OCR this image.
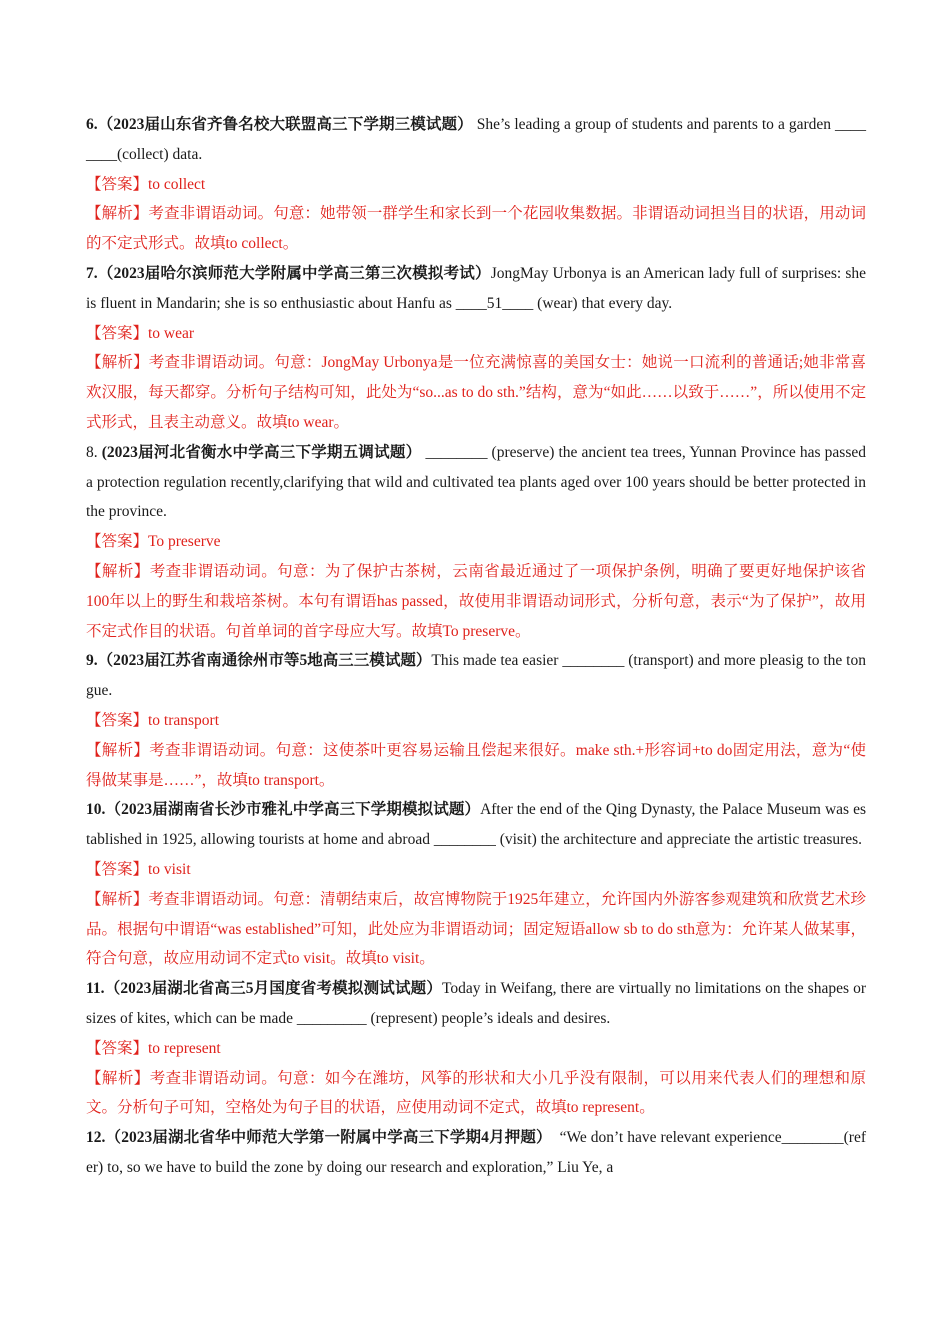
6.（2023届山东省齐鲁名校大联盟高三下学期三模试题） She’s leading a group of students and parents to a garden ________(collect) data.

【答案】to collect

【解析】考查非谓语动词。句意：她带领一群学生和家长到一个花园收集数据。非谓语动词担当目的状语，用动词的不定式形式。故填to collect。

7.（2023届哈尔滨师范大学附属中学高三第三次模拟考试）JongMay Urbonya is an American lady full of surprises: she is fluent in Mandarin; she is so enthusiastic about Hanfu as ____51____ (wear) that every day.

【答案】to wear

【解析】考查非谓语动词。句意：JongMay Urbonya是一位充满惊喜的美国女士：她说一口流利的普通话;她非常喜欢汉服，每天都穿。分析句子结构可知，此处为“so...as to do sth.”结构，意为“如此……以致于……”，所以使用不定式形式，且表主动意义。故填to wear。

8. (2023届河北省衡水中学高三下学期五调试题） ________ (preserve) the ancient tea trees, Yunnan Province has passed a protection regulation recently,clarifying that wild and cultivated tea plants aged over 100 years should be better protected in the province.

【答案】To preserve

【解析】考查非谓语动词。句意：为了保护古茶树，云南省最近通过了一项保护条例，明确了要更好地保护该省100年以上的野生和栽培茶树。本句有谓语has passed，故使用非谓语动词形式，分析句意，表示“为了保护”，故用不定式作目的状语。句首单词的首字母应大写。故填To preserve。

9.（2023届江苏省南通徐州市等5地高三三模试题）This made tea easier ________ (transport) and more pleasig to the tongue.

【答案】to transport

【解析】考查非谓语动词。句意：这使茶叶更容易运输且偿起来很好。make sth.+形容词+to do固定用法，意为“使得做某事是……”，故填to transport。

10.（2023届湖南省长沙市雅礼中学高三下学期模拟试题）After the end of the Qing Dynasty, the Palace Museum was established in 1925, allowing tourists at home and abroad ________ (visit) the architecture and appreciate the artistic treasures.

【答案】to visit

【解析】考查非谓语动词。句意：清朝结束后，故宫博物院于1925年建立，允许国内外游客参观建筑和欣赏艺术珍品。根据句中谓语“was established”可知，此处应为非谓语动词；固定短语allow sb to do sth意为：允许某人做某事，符合句意，故应用动词不定式to visit。故填to visit。

11.（2023届湖北省高三5月国度省考模拟测试试题）Today in Weifang, there are virtually no limitations on the shapes or sizes of kites, which can be made _________ (represent) people’s ideals and desires.

【答案】to represent

【解析】考查非谓语动词。句意：如今在潍坊，风筝的形状和大小几乎没有限制，可以用来代表人们的理想和原文。分析句子可知，空格处为句子目的状语，应使用动词不定式，故填to represent。

12.（2023届湖北省华中师范大学第一附属中学高三下学期4月押题）　“We don’t have relevant experience________(refer) to, so we have to build the zone by doing our research and exploration,” Liu Ye, a
